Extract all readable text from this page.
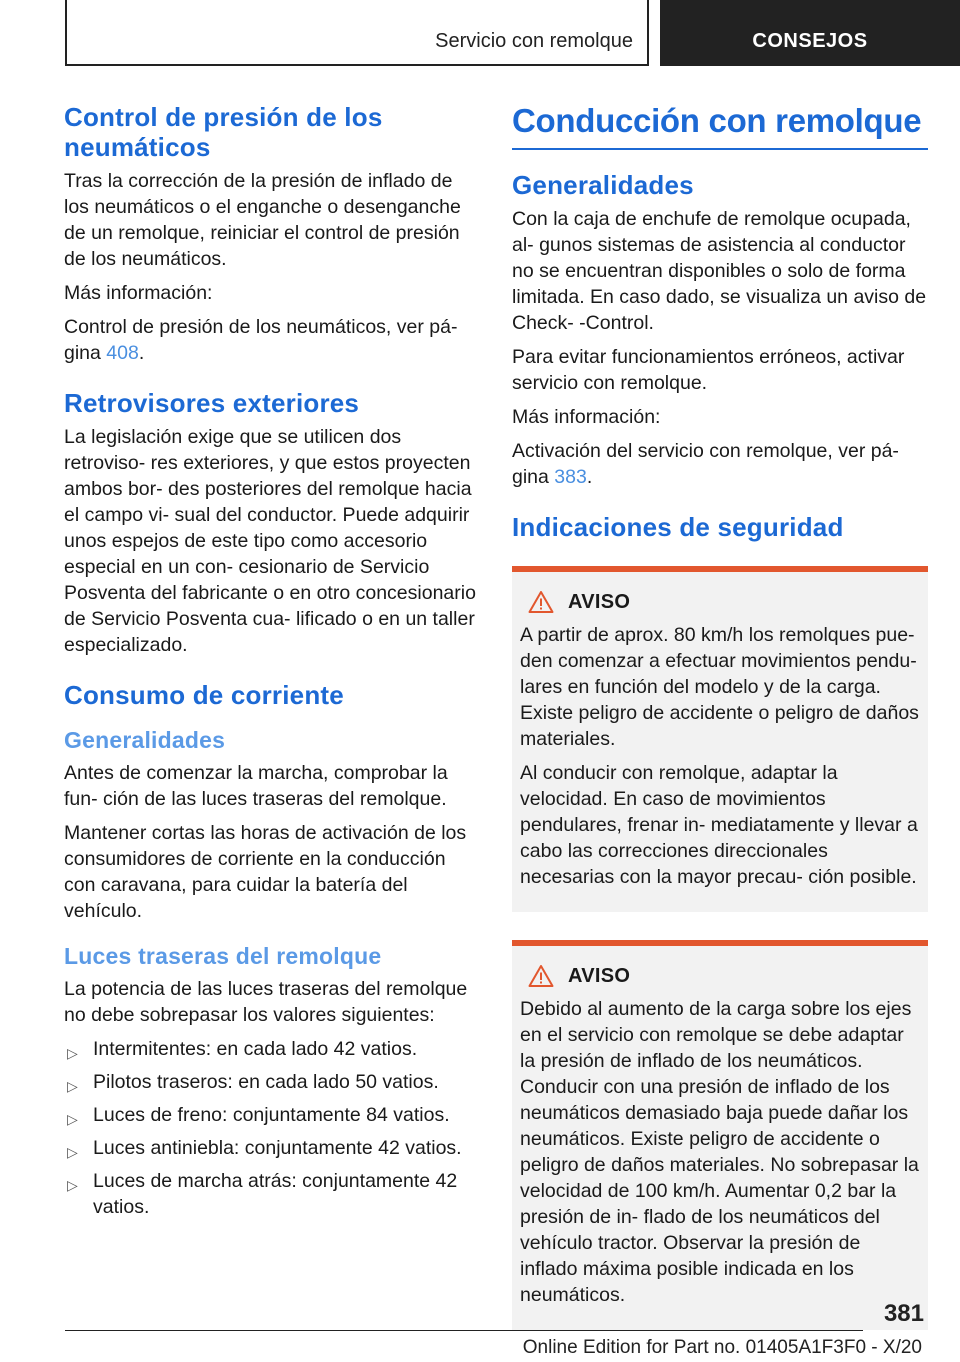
Servicio con remolque	CONSEJOS
Control de presión de los neumáticos

Tras la corrección de la presión de inflado de los neumáticos o el enganche o desenganche de un remolque, reiniciar el control de presión de los neumáticos.

Más información:

Control de presión de los neumáticos, ver pá‐ gina 408.

Retrovisores exteriores

La legislación exige que se utilicen dos retroviso‐ res exteriores, y que estos proyecten ambos bor‐ des posteriores del remolque hacia el campo vi‐ sual del conductor. Puede adquirir unos espejos de este tipo como accesorio especial en un con‐ cesionario de Servicio Posventa del fabricante o en otro concesionario de Servicio Posventa cua‐ lificado o en un taller especializado.

Consumo de corriente
Generalidades

Antes de comenzar la marcha, comprobar la fun‐ ción de las luces traseras del remolque.

Mantener cortas las horas de activación de los consumidores de corriente en la conducción con caravana, para cuidar la batería del vehículo.

Luces traseras del remolque

La potencia de las luces traseras del remolque no debe sobrepasar los valores siguientes:

▷ Intermitentes: en cada lado 42 vatios.
▷ Pilotos traseros: en cada lado 50 vatios.
▷ Luces de freno: conjuntamente 84 vatios.
▷ Luces antiniebla: conjuntamente 42 vatios.
▷ Luces de marcha atrás: conjuntamente 42 vatios.
Conducción con remolque
Generalidades

Con la caja de enchufe de remolque ocupada, al‐ gunos sistemas de asistencia al conductor no se encuentran disponibles o solo de forma limitada. En caso dado, se visualiza un aviso de Check- -Control.

Para evitar funcionamientos erróneos, activar servicio con remolque.

Más información:

Activación del servicio con remolque, ver pá‐ gina 383.

Indicaciones de seguridad
AVISO

A partir de aprox. 80 km/h los remolques pue‐ den comenzar a efectuar movimientos pendu‐ lares en función del modelo y de la carga. Existe peligro de accidente o peligro de daños materiales.

Al conducir con remolque, adaptar la velocidad. En caso de movimientos pendulares, frenar in‐ mediatamente y llevar a cabo las correcciones direccionales necesarias con la mayor precau‐ ción posible.

AVISO

Debido al aumento de la carga sobre los ejes en el servicio con remolque se debe adaptar la presión de inflado de los neumáticos. Conducir con una presión de inflado de los neumáticos demasiado baja puede dañar los neumáticos. Existe peligro de accidente o peligro de daños materiales. No sobrepasar la velocidad de 100 km/h. Aumentar 0,2 bar la presión de in‐ flado de los neumáticos del vehículo tractor. Observar la presión de inflado máxima posible indicada en los neumáticos.

381
Online Edition for Part no. 01405A1F3F0 - X/20
